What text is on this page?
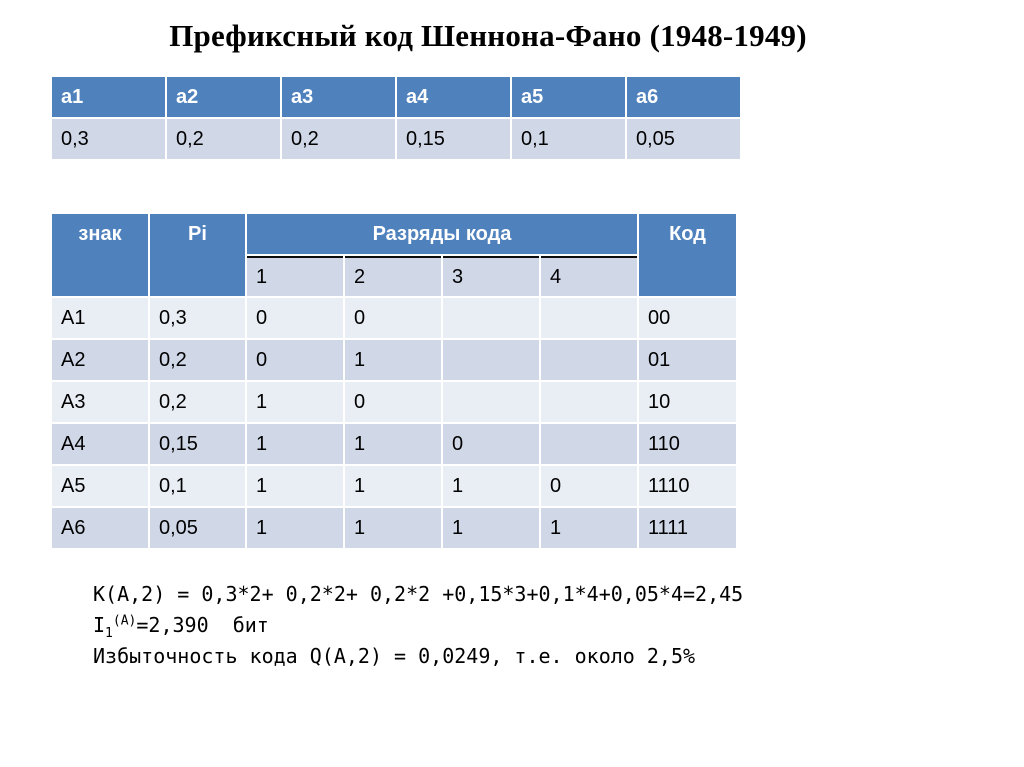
Префиксный код Шеннона-Фано (1948-1949)
a1	a2	a3	a4	a5	a6
0,3	0,2	0,2	0,15	0,1	0,05
знак	Pi	Разряды кода				Код
		1	2	3	4	
A1	0,3	0	0			00
A2	0,2	0	1			01
A3	0,2	1	0			10
A4	0,15	1	1	0		110
A5	0,1	1	1	1	0	1110
A6	0,05	1	1	1	1	1111
K(A,2) = 0,3*2+ 0,2*2+ 0,2*2 +0,15*3+0,1*4+0,05*4=2,45
$I_1^{(A)}=2,390$  бит
Избыточность кода Q(A,2) = 0,0249, т.е. около 2,5%
